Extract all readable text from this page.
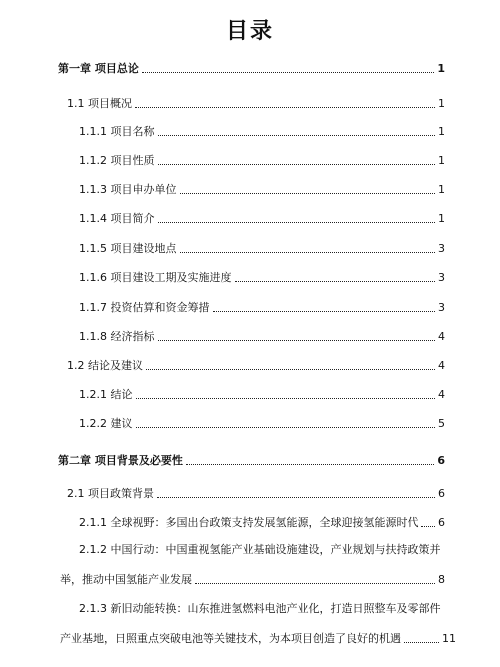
目录
第一章 项目总论	1
1.1 项目概况	1
1.1.1 项目名称	1
1.1.2 项目性质	1
1.1.3 项目申办单位	1
1.1.4 项目简介	1
1.1.5 项目建设地点	3
1.1.6 项目建设工期及实施进度	3
1.1.7 投资估算和资金筹措	3
1.1.8 经济指标	4
1.2 结论及建议	4
1.2.1 结论	4
1.2.2 建议	5
第二章 项目背景及必要性	6
2.1 项目政策背景	6
2.1.1 全球视野：多国出台政策支持发展氢能源，全球迎接氢能源时代 6
2.1.2 中国行动：中国重视氢能产业基础设施建设，产业规划与扶持政策并
举，推动中国氢能产业发展	8
2.1.3 新旧动能转换：山东推进氢燃料电池产业化，打造日照整车及零部件
产业基地，日照重点突破电池等关键技术，为本项目创造了良好的机遇	11
